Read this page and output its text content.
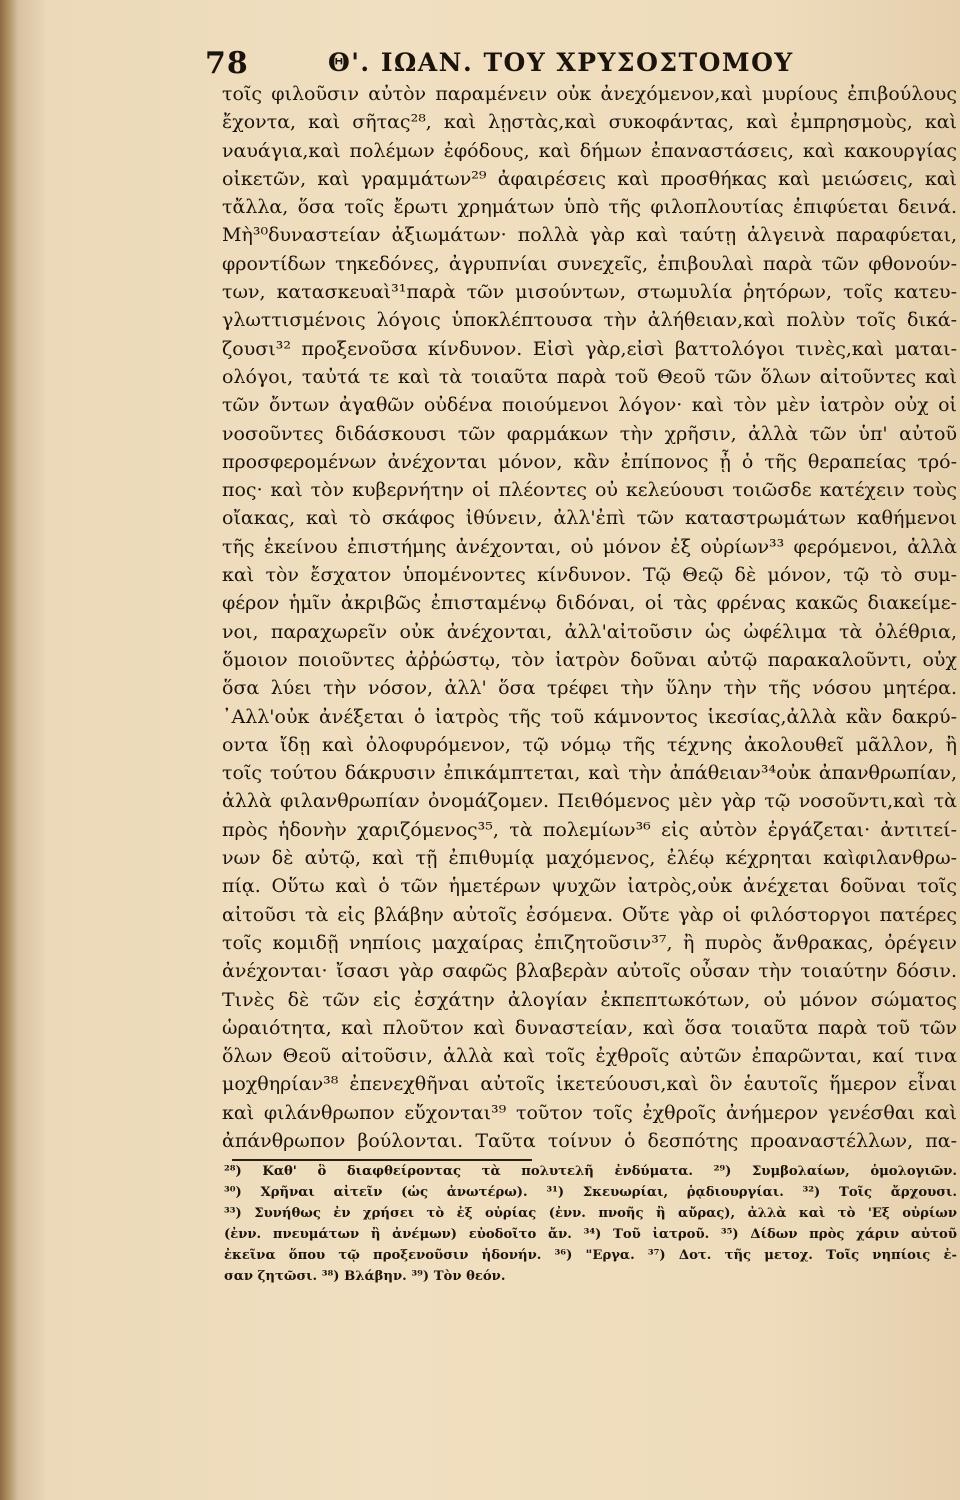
78	Θ'. ΙΩΑΝ. ΤΟΥ ΧΡΥΣΟΣΤΟΜΟΥ
τοῖς φιλοῦσιν αὐτὸν παραμένειν οὐκ ἀνεχόμενον,καὶ μυρίους ἐπιβούλους
ἔχοντα, καὶ σῆτας²⁸, καὶ λῃστὰς,καὶ συκοφάντας, καὶ ἐμπρησμοὺς, καὶ
ναυάγια,καὶ πολέμων ἐφόδους, καὶ δήμων ἐπαναστάσεις, καὶ κακουργίας
οἰκετῶν, καὶ γραμμάτων²⁹ ἀφαιρέσεις καὶ προσθήκας καὶ μειώσεις, καὶ
τἄλλα, ὅσα τοῖς ἔρωτι χρημάτων ὑπὸ τῆς φιλοπλουτίας ἐπιφύεται δεινά.
Μὴ³⁰δυναστείαν ἀξιωμάτων· πολλὰ γὰρ καὶ ταύτῃ ἀλγεινὰ παραφύεται,
φροντίδων τηκεδόνες, ἀγρυπνίαι συνεχεῖς, ἐπιβουλαὶ παρὰ τῶν φθονούν-
των, κατασκευαὶ³¹παρὰ τῶν μισούντων, στωμυλία ῥητόρων, τοῖς κατευ-
γλωττισμένοις λόγοις ὑποκλέπτουσα τὴν ἀλήθειαν,καὶ πολὺν τοῖς δικά-
ζουσι³² προξενοῦσα κίνδυνον. Εἰσὶ γὰρ,εἰσὶ βαττολόγοι τινὲς,καὶ μαται-
ολόγοι, ταὐτά τε καὶ τὰ τοιαῦτα παρὰ τοῦ Θεοῦ τῶν ὅλων αἰτοῦντες καὶ
τῶν ὄντων ἀγαθῶν οὐδένα ποιούμενοι λόγον· καὶ τὸν μὲν ἰατρὸν οὐχ οἱ
νοσοῦντες διδάσκουσι τῶν φαρμάκων τὴν χρῆσιν, ἀλλὰ τῶν ὑπ' αὐτοῦ
προσφερομένων ἀνέχονται μόνον, κἂν ἐπίπονος ᾖ ὁ τῆς θεραπείας τρό-
πος· καὶ τὸν κυβερνήτην οἱ πλέοντες οὐ κελεύουσι τοιῶσδε κατέχειν τοὺς
οἴακας, καὶ τὸ σκάφος ἰθύνειν, ἀλλ'ἐπὶ τῶν καταστρωμάτων καθήμενοι
τῆς ἐκείνου ἐπιστήμης ἀνέχονται, οὐ μόνον ἐξ οὐρίων³³ φερόμενοι, ἀλλὰ
καὶ τὸν ἔσχατον ὑπομένοντες κίνδυνον. Τῷ Θεῷ δὲ μόνον, τῷ τὸ συμ-
φέρον ἡμῖν ἀκριβῶς ἐπισταμένῳ διδόναι, οἱ τὰς φρένας κακῶς διακείμε-
νοι, παραχωρεῖν οὐκ ἀνέχονται, ἀλλ'αἰτοῦσιν ὡς ὠφέλιμα τὰ ὀλέθρια,
ὅμοιον ποιοῦντες ἀῤῥώστῳ, τὸν ἰατρὸν δοῦναι αὐτῷ παρακαλοῦντι, οὐχ
ὅσα λύει τὴν νόσον, ἀλλ' ὅσα τρέφει τὴν ὕλην τὴν τῆς νόσου μητέρα.
᾿Αλλ'οὐκ ἀνέξεται ὁ ἰατρὸς τῆς τοῦ κάμνοντος ἱκεσίας,ἀλλὰ κἂν δακρύ-
οντα ἴδῃ καὶ ὀλοφυρόμενον, τῷ νόμῳ τῆς τέχνης ἀκολουθεῖ μᾶλλον, ἢ
τοῖς τούτου δάκρυσιν ἐπικάμπτεται, καὶ τὴν ἀπάθειαν³⁴οὐκ ἀπανθρωπίαν,
ἀλλὰ φιλανθρωπίαν ὀνομάζομεν. Πειθόμενος μὲν γὰρ τῷ νοσοῦντι,καὶ τὰ
πρὸς ἡδονὴν χαριζόμενος³⁵, τὰ πολεμίων³⁶ εἰς αὐτὸν ἐργάζεται· ἀντιτεί-
νων δὲ αὐτῷ, καὶ τῇ ἐπιθυμίᾳ μαχόμενος, ἐλέῳ κέχρηται καὶφιλανθρω-
πίᾳ. Οὕτω καὶ ὁ τῶν ἡμετέρων ψυχῶν ἰατρὸς,οὐκ ἀνέχεται δοῦναι τοῖς
αἰτοῦσι τὰ εἰς βλάβην αὐτοῖς ἐσόμενα. Οὔτε γὰρ οἱ φιλόστοργοι πατέρες
τοῖς κομιδῇ νηπίοις μαχαίρας ἐπιζητοῦσιν³⁷, ἢ πυρὸς ἄνθρακας, ὀρέγειν
ἀνέχονται· ἴσασι γὰρ σαφῶς βλαβερὰν αὐτοῖς οὖσαν τὴν τοιαύτην δόσιν.
Τινὲς δὲ τῶν εἰς ἐσχάτην ἀλογίαν ἐκπεπτωκότων, οὐ μόνον σώματος
ὡραιότητα, καὶ πλοῦτον καὶ δυναστείαν, καὶ ὅσα τοιαῦτα παρὰ τοῦ τῶν
ὅλων Θεοῦ αἰτοῦσιν, ἀλλὰ καὶ τοῖς ἐχθροῖς αὐτῶν ἐπαρῶνται, καί τινα
μοχθηρίαν³⁸ ἐπενεχθῆναι αὐτοῖς ἱκετεύουσι,καὶ ὃν ἑαυτοῖς ἥμερον εἶναι
καὶ φιλάνθρωπον εὔχονται³⁹ τοῦτον τοῖς ἐχθροῖς ἀνήμερον γενέσθαι καὶ
ἀπάνθρωπον βούλονται. Ταῦτα τοίνυν ὁ δεσπότης προαναστέλλων, πα-
²⁸) Καθ' ὃ διαφθείροντας τὰ πολυτελῆ ἐνδύματα. ²⁹) Συμβολαίων, ὁμολογιῶν.
³⁰) Χρῆναι αἰτεῖν (ὡς ἀνωτέρω). ³¹) Σκευωρίαι, ῥᾳδιουργίαι. ³²) Τοῖς ἄρχουσι.
³³) Συνήθως ἐν χρήσει τὸ ἐξ οὐρίας (ἐνν. πνοῆς ἢ αὔρας), ἀλλὰ καὶ τὸ 'Εξ οὐρίων
(ἐνν. πνευμάτων ἢ ἀνέμων) εὐοδοῖτο ἄν. ³⁴) Τοῦ ἰατροῦ. ³⁵) Δίδων πρὸς χάριν αὐτοῦ
ἐκεῖνα ὅπου τῷ προξενοῦσιν ἡδονήν. ³⁶) "Εργα. ³⁷) Δοτ. τῆς μετοχ. Τοῖς νηπίοις ἐ-
σαν ζητῶσι. ³⁸) Βλάβην. ³⁹) Τὸν θεόν.
